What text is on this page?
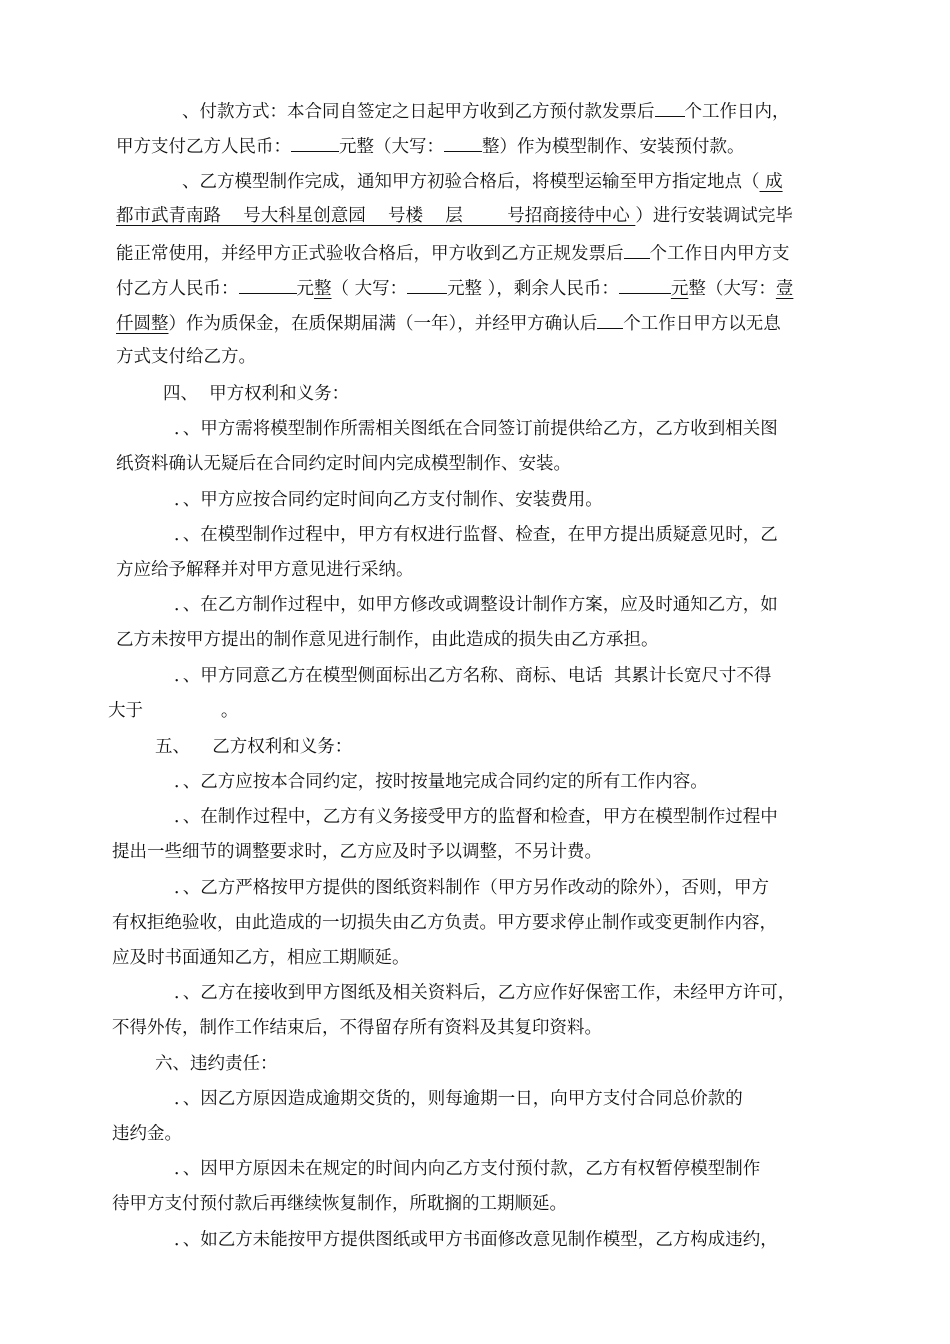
、付款方式：本合同自签定之日起甲方收到乙方预付款发票后 个工作日内，
甲方支付乙方人民币：	元整（大写： 整）作为模型制作、安装预付款。
、乙方模型制作完成，通知甲方初验合格后，将模型运输至甲方指定地点（ 成
都市武青南路    号大科星创意园    号楼    层        号招商接待中心 ）进行安装调试完毕
能正常使用，并经甲方正式验收合格后，甲方收到乙方正规发票后 个工作日内甲方支
付乙方人民币：	元整（ 大写： 元整 ），剩余人民币：	元整（大写：壹
仟圆整）作为质保金，在质保期届满（一年），并经甲方确认后 个工作日甲方以无息
方式支付给乙方。
四、  甲方权利和义务：
．、甲方需将模型制作所需相关图纸在合同签订前提供给乙方，乙方收到相关图
纸资料确认无疑后在合同约定时间内完成模型制作、安装。
．、甲方应按合同约定时间向乙方支付制作、安装费用。
．、在模型制作过程中，甲方有权进行监督、检查，在甲方提出质疑意见时，乙
方应给予解释并对甲方意见进行采纳。
．、在乙方制作过程中，如甲方修改或调整设计制作方案，应及时通知乙方，如
乙方未按甲方提出的制作意见进行制作，由此造成的损失由乙方承担。
．、甲方同意乙方在模型侧面标出乙方名称、商标、电话  其累计长宽尺寸不得
大于              。
五、    乙方权利和义务：
．、乙方应按本合同约定，按时按量地完成合同约定的所有工作内容。
．、在制作过程中，乙方有义务接受甲方的监督和检查，甲方在模型制作过程中
提出一些细节的调整要求时，乙方应及时予以调整，不另计费。
．、乙方严格按甲方提供的图纸资料制作（甲方另作改动的除外），否则，甲方
有权拒绝验收，由此造成的一切损失由乙方负责。甲方要求停止制作或变更制作内容，
应及时书面通知乙方，相应工期顺延。
．、乙方在接收到甲方图纸及相关资料后，乙方应作好保密工作，未经甲方许可，
不得外传，制作工作结束后，不得留存所有资料及其复印资料。
六、违约责任：
．、因乙方原因造成逾期交货的，则每逾期一日，向甲方支付合同总价款的
违约金。
．、因甲方原因未在规定的时间内向乙方支付预付款，乙方有权暂停模型制作
待甲方支付预付款后再继续恢复制作，所耽搁的工期顺延。
．、如乙方未能按甲方提供图纸或甲方书面修改意见制作模型，乙方构成违约，
